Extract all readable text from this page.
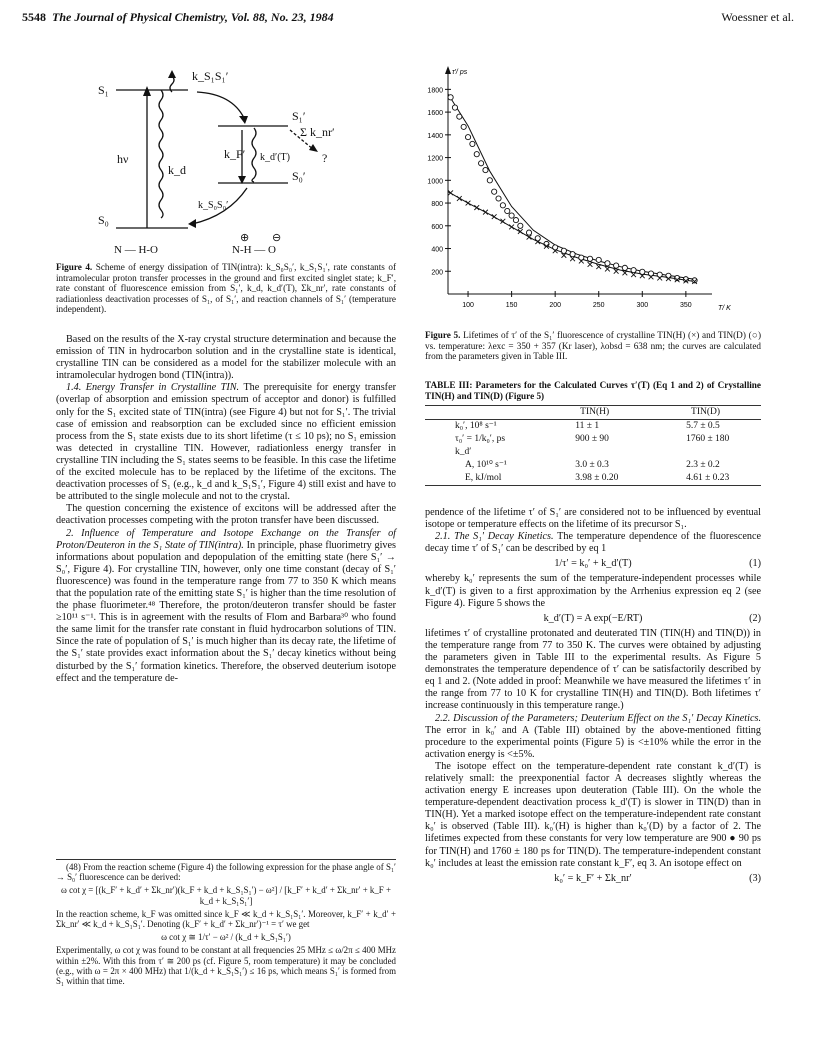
5548 The Journal of Physical Chemistry, Vol. 88, No. 23, 1984	Woessner et al.
S₁
S₀
hν
k_d
k_S₁S₁′
S₁′
S₀′
k_F′ k_d′(T)
Σ k_nr′
?
k_S₀S₀′
N — H-O	N-H — O
⊕ ⊖
Figure 4. Scheme of energy dissipation of TIN(intra): k_S₀S₀′, k_S₁S₁′, rate constants of intramolecular proton transfer processes in the ground and first excited singlet state; k_F′, rate constant of fluorescence emission from S₁′, k_d, k_d′(T), Σk_nr′, rate constants of radiationless deactivation processes of S₁, of S₁′, and reaction channels of S₁′ (temperature independent).

Based on the results of the X-ray crystal structure determination and because the emission of TIN in hydrocarbon solution and in the crystalline state is identical, crystalline TIN can be considered as a model for the stabilizer molecule with an intramolecular hydrogen bond (TIN(intra)).

1.4. Energy Transfer in Crystalline TIN. The prerequisite for energy transfer (overlap of absorption and emission spectrum of acceptor and donor) is fulfilled only for the S₁ excited state of TIN(intra) (see Figure 4) but not for S₁′. The trivial case of emission and reabsorption can be excluded since no efficient emission process from the S₁ state exists due to its short lifetime (τ ≤ 10 ps); no S₁ emission was detected in crystalline TIN. However, radiationless energy transfer in crystalline TIN including the S₁ states seems to be feasible. In this case the lifetime of the excited molecule has to be replaced by the lifetime of the excitons. The deactivation processes of S₁ (e.g., k_d and k_S₁S₁′, Figure 4) still exist and have to be attributed to the single molecule and not to the crystal.

The question concerning the existence of excitons will be addressed after the deactivation processes competing with the proton transfer have been discussed.

2. Influence of Temperature and Isotope Exchange on the Transfer of Proton/Deuteron in the S₁ State of TIN(intra). In principle, phase fluorimetry gives informations about population and depopulation of the emitting state (here S₁′ → S₀′, Figure 4). For crystalline TIN, however, only one time constant (decay of S₁′ fluorescence) was found in the temperature range from 77 to 350 K which means that the population rate of the emitting state S₁′ is higher than the time resolution of the phase fluorimeter.⁴⁸ Therefore, the proton/deuteron transfer should be faster ≥10¹¹ s⁻¹. This is in agreement with the results of Flom and Barbara³⁰ who found the same limit for the transfer rate constant in fluid hydrocarbon solutions of TIN. Since the rate of population of S₁′ is much higher than its decay rate, the lifetime of the S₁′ state provides exact information about the S₁′ decay kinetics without being disturbed by the S₁′ formation kinetics. Therefore, the observed deuterium isotope effect and the temperature de-

(48) From the reaction scheme (Figure 4) the following expression for the phase angle of S₁′ → S₀′ fluorescence can be derived:
ω cot χ = [(k_F′ + k_d′ + Σk_nr′)(k_F + k_d + k_S₁S₁′) − ω²] / [k_F′ + k_d′ + Σk_nr′ + k_F + k_d + k_S₁S₁′]
In the reaction scheme, k_F was omitted since k_F ≪ k_d + k_S₁S₁′. Moreover, k_F′ + k_d′ + Σk_nr′ ≪ k_d + k_S₁S₁′. Denoting (k_F′ + k_d′ + Σk_nr′)⁻¹ = τ′ we get
ω cot χ ≅ 1/τ′ − ω² / (k_d + k_S₁S₁′)
Experimentally, ω cot χ was found to be constant at all frequencies 25 MHz ≤ ω/2π ≤ 400 MHz within ±2%. With this from τ′ ≅ 200 ps (cf. Figure 5, room temperature) it may be concluded (e.g., with ω = 2π × 400 MHz) that 1/(k_d + k_S₁S₁′) ≤ 16 ps, which means S₁′ is formed from S₁ within that time.
200
400
600
800
1000
1200
1400
1600
1800
100	150	200	250	300	350
τ′/ ps
T/ K
Figure 5. Lifetimes of τ′ of the S₁′ fluorescence of crystalline TIN(H) (×) and TIN(D) (○) vs. temperature: λexc = 350 + 357 (Kr laser), λobsd = 638 nm; the curves are calculated from the parameters given in Table III.
TABLE III: Parameters for the Calculated Curves τ′(T) (Eq 1 and 2) of Crystalline TIN(H) and TIN(D) (Figure 5)
	TIN(H)	TIN(D)
k₀′, 10⁸ s⁻¹	11 ± 1	5.7 ± 0.5
τ₀′ = 1/k₀′, ps	900 ± 90	1760 ± 180
k_d′		
A, 10¹⁰ s⁻¹	3.0 ± 0.3	2.3 ± 0.2
E, kJ/mol	3.98 ± 0.20	4.61 ± 0.23

pendence of the lifetime τ′ of S₁′ are considered not to be influenced by eventual isotope or temperature effects on the lifetime of its precursor S₁.

2.1. The S₁′ Decay Kinetics. The temperature dependence of the fluorescence decay time τ′ of S₁′ can be described by eq 1

1/τ′ = k₀′ + k_d′(T)	(1)

whereby k₀′ represents the sum of the temperature-independent processes while k_d′(T) is given to a first approximation by the Arrhenius expression eq 2 (see Figure 4). Figure 5 shows the

k_d′(T) = A exp(−E/RT)	(2)

lifetimes τ′ of crystalline protonated and deuterated TIN (TIN(H) and TIN(D)) in the temperature range from 77 to 350 K. The curves were obtained by adjusting the parameters given in Table III to the experimental results. As Figure 5 demonstrates the temperature dependence of τ′ can be satisfactorily described by eq 1 and 2. (Note added in proof: Meanwhile we have measured the lifetimes τ′ in the range from 77 to 10 K for crystalline TIN(H) and TIN(D). Both lifetimes τ′ increase continuously in this temperature range.)

2.2. Discussion of the Parameters; Deuterium Effect on the S₁′ Decay Kinetics. The error in k₀′ and A (Table III) obtained by the above-mentioned fitting procedure to the experimental points (Figure 5) is <±10% while the error in the activation energy is <±5%.

The isotope effect on the temperature-dependent rate constant k_d′(T) is relatively small: the preexponential factor A decreases slightly whereas the activation energy E increases upon deuteration (Table III). On the whole the temperature-dependent deactivation process k_d′(T) is slower in TIN(D) than in TIN(H). Yet a marked isotope effect on the temperature-independent rate constant k₀′ is observed (Table III). k₀′(H) is higher than k₀′(D) by a factor of 2. The lifetimes expected from these constants for very low temperature are 900 ● 90 ps for TIN(H) and 1760 ± 180 ps for TIN(D). The temperature-independent constant k₀′ includes at least the emission rate constant k_F′, eq 3. An isotope effect on

k₀′ = k_F′ + Σk_nr′	(3)
